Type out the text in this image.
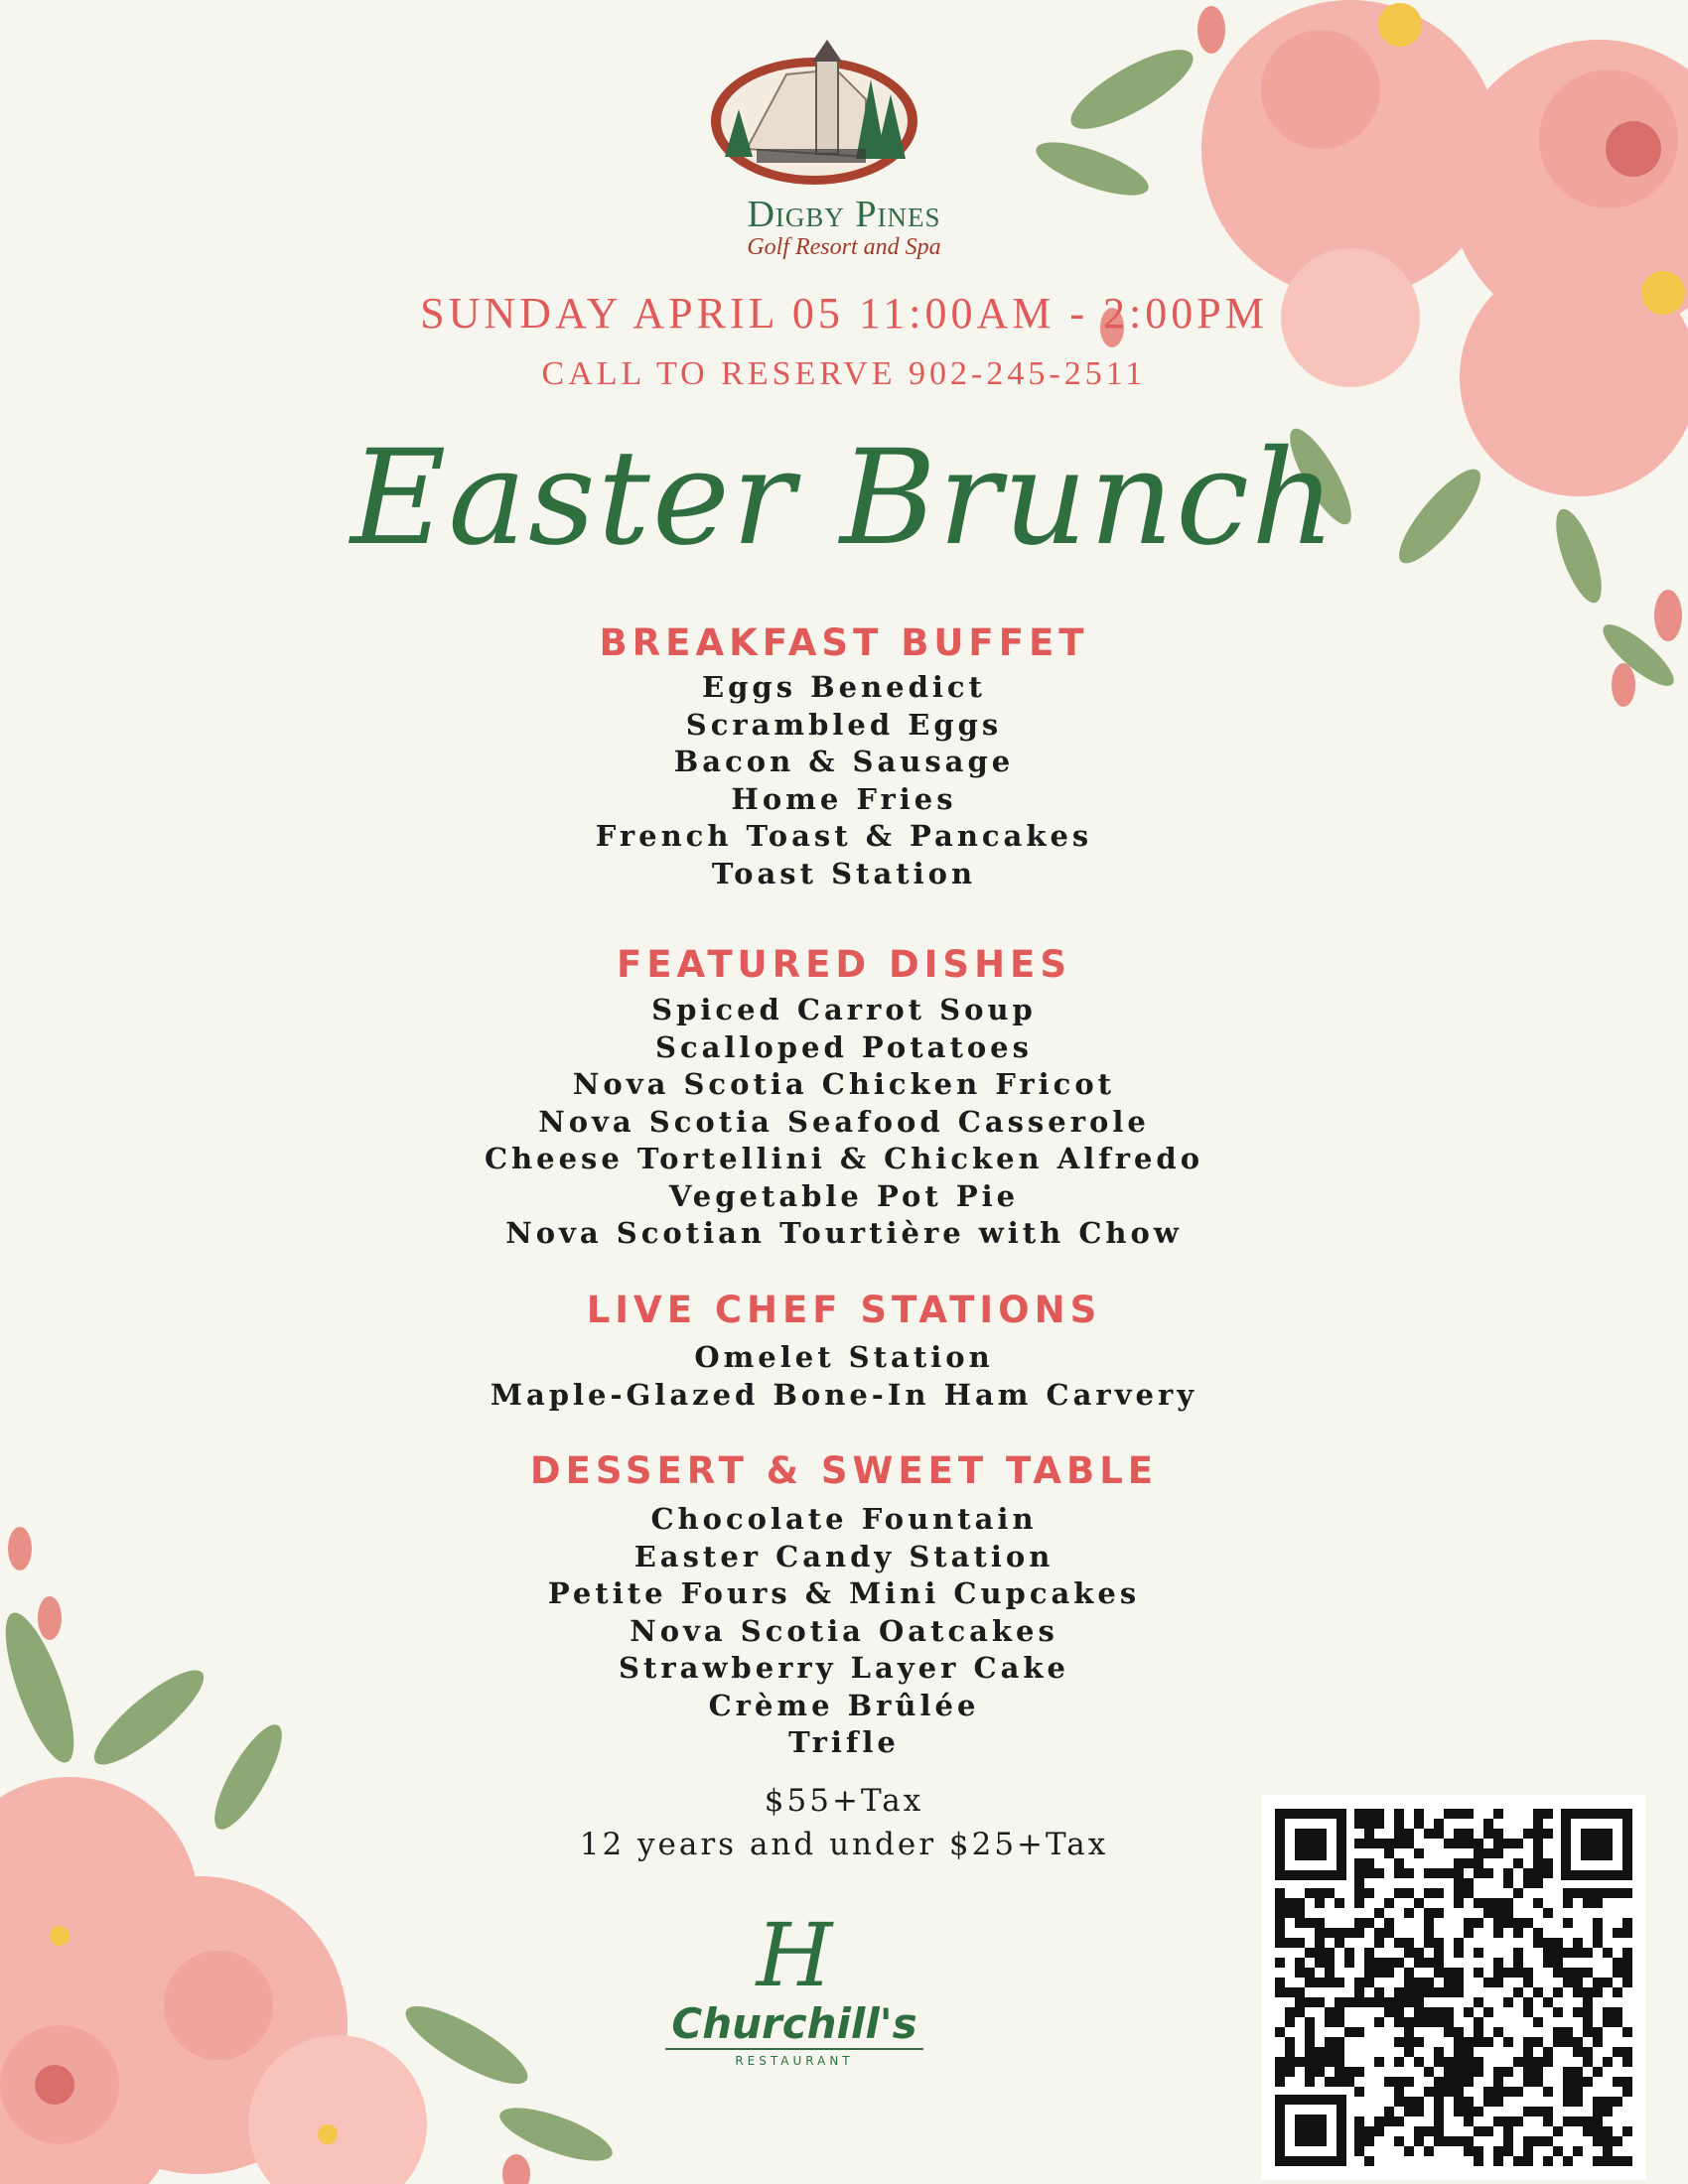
Digby Pines
Golf Resort and Spa
SUNDAY APRIL 05 11:00AM - 2:00PM
CALL TO RESERVE 902-245-2511
Easter Brunch
BREAKFAST BUFFET
Eggs Benedict
Scrambled Eggs
Bacon & Sausage
Home Fries
French Toast & Pancakes
Toast Station
FEATURED DISHES
Spiced Carrot Soup
Scalloped Potatoes
Nova Scotia Chicken Fricot
Nova Scotia Seafood Casserole
Cheese Tortellini & Chicken Alfredo
Vegetable Pot Pie
Nova Scotian Tourtière with Chow
LIVE CHEF STATIONS
Omelet Station
Maple-Glazed Bone-In Ham Carvery
DESSERT & SWEET TABLE
Chocolate Fountain
Easter Candy Station
Petite Fours & Mini Cupcakes
Nova Scotia Oatcakes
Strawberry Layer Cake
Crème Brûlée
Trifle
$55+Tax
12 years and under $25+Tax
H
Churchill's
RESTAURANT
